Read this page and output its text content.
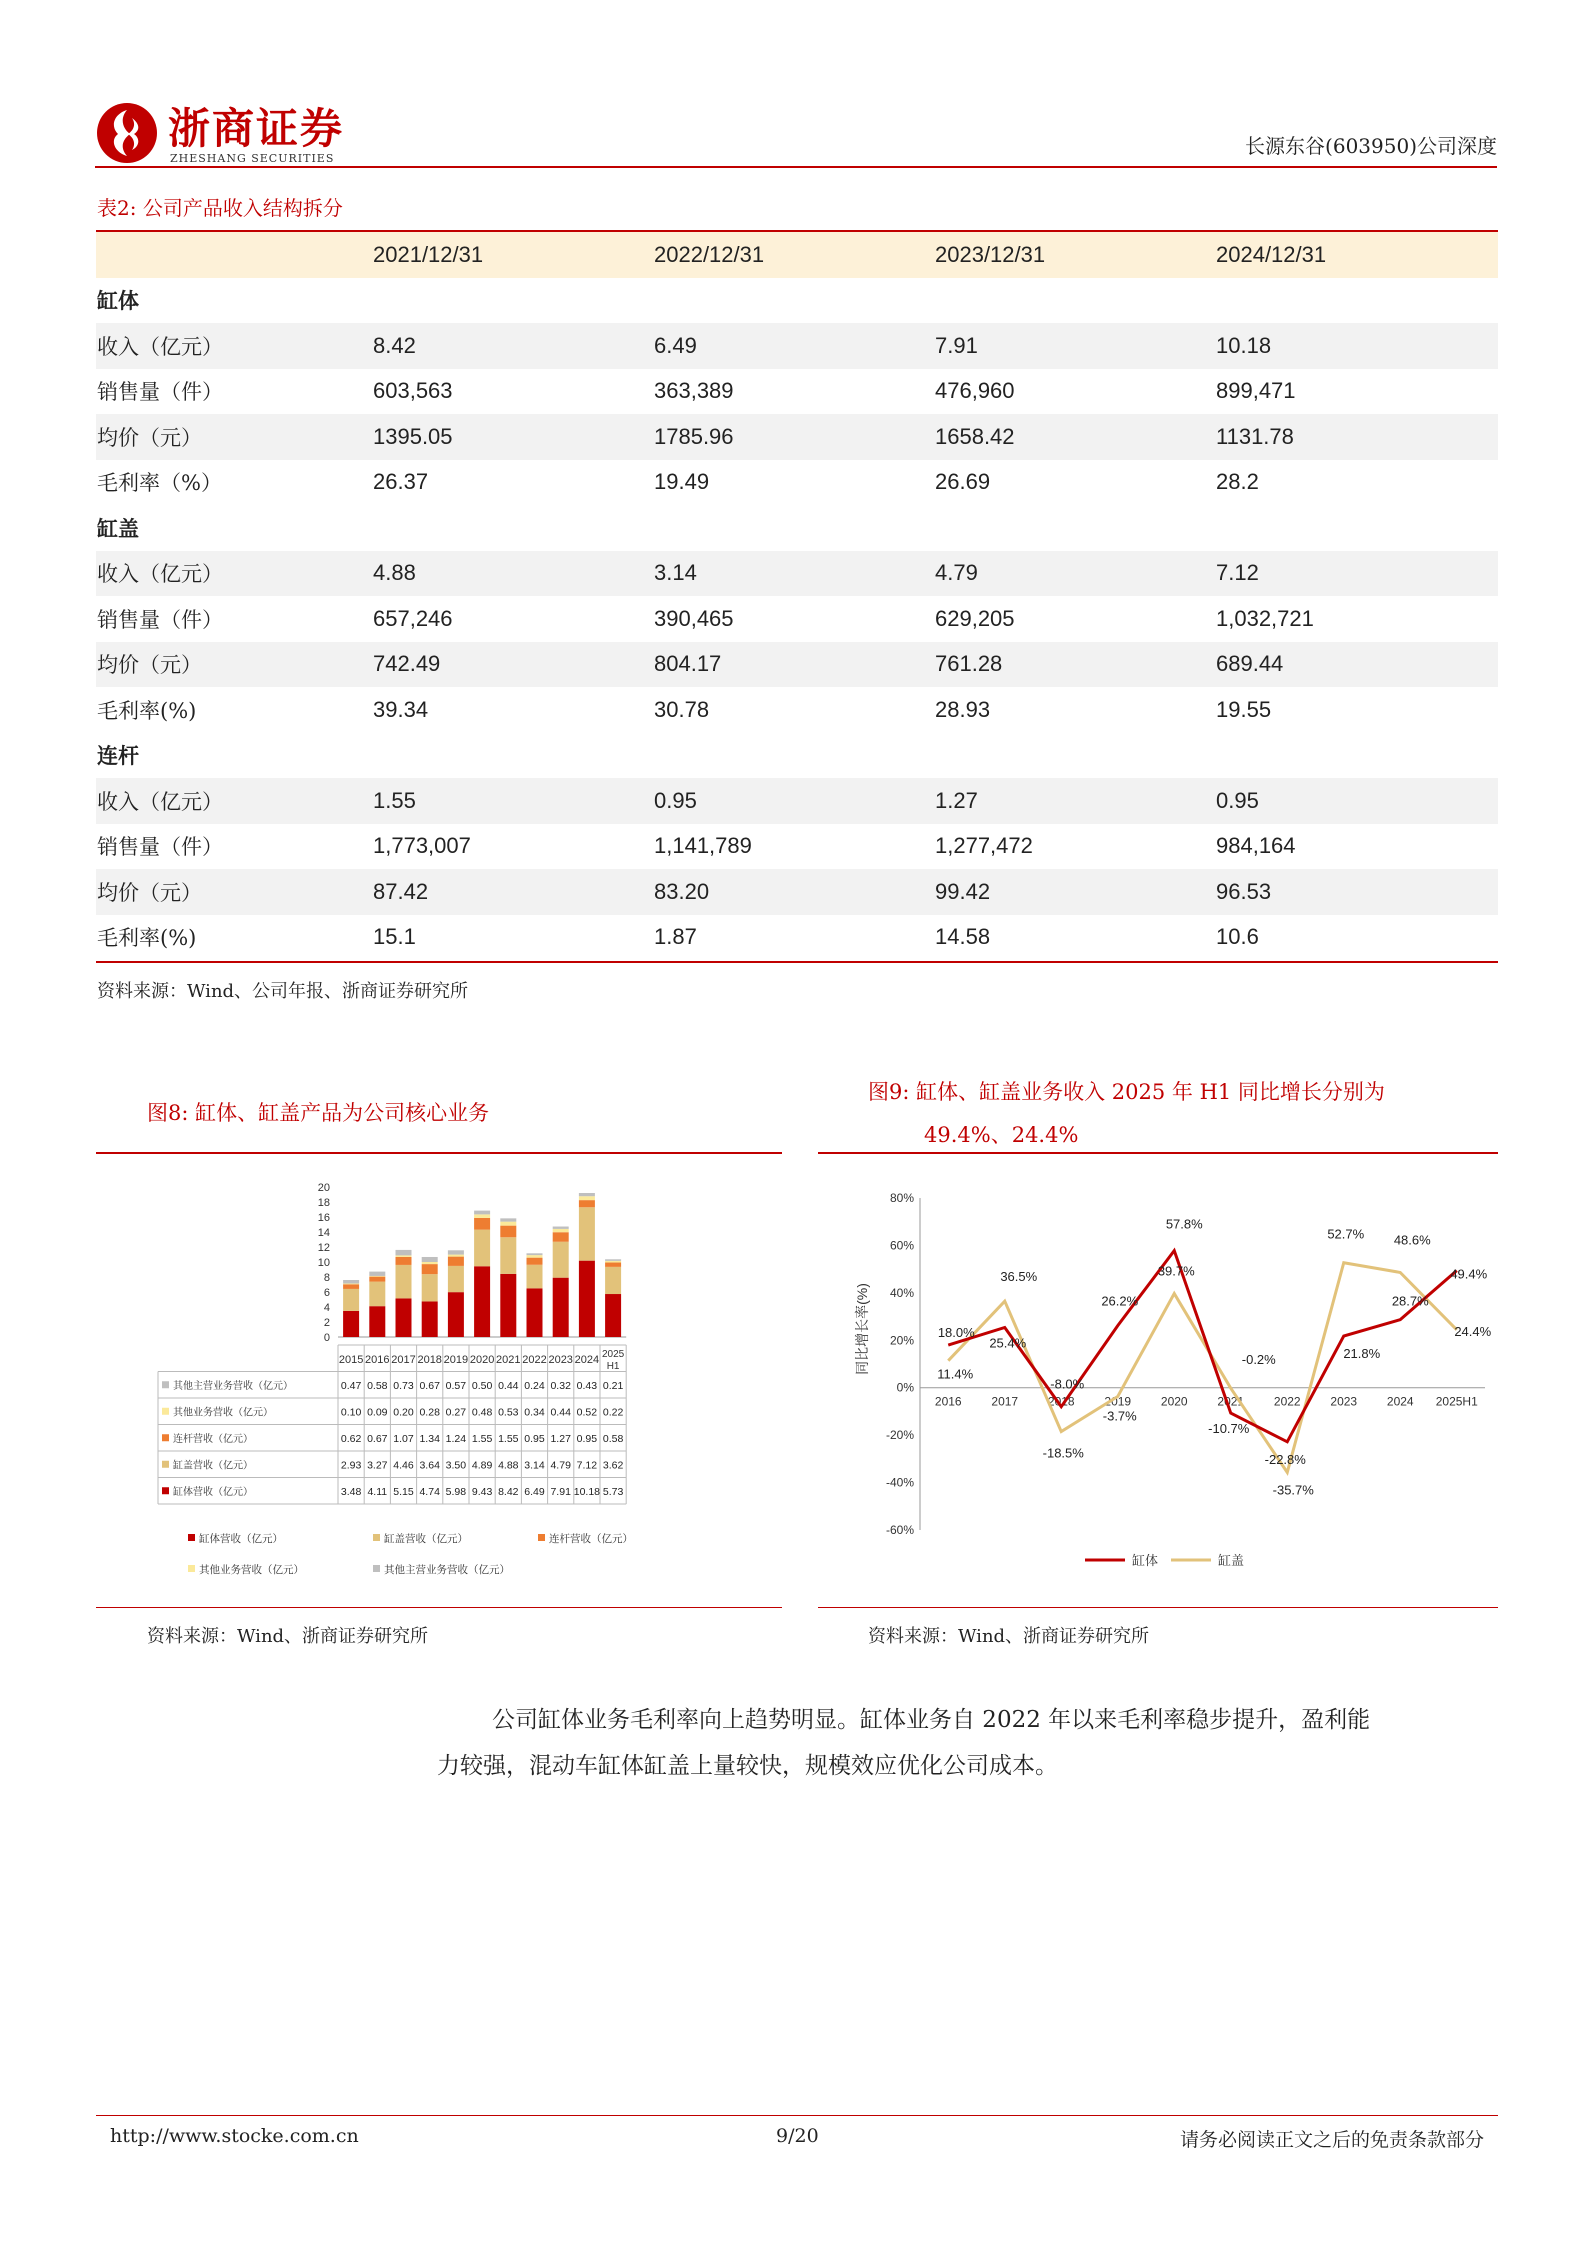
浙商证券
ZHESHANG SECURITIES
长源东谷(603950)公司深度
表2: 公司产品收入结构拆分
	2021/12/31	2022/12/31	2023/12/31	2024/12/31
缸体				
收入（亿元）	8.42	6.49	7.91	10.18
销售量（件）	603,563	363,389	476,960	899,471
均价（元）	1395.05	1785.96	1658.42	1131.78
毛利率（%）	26.37	19.49	26.69	28.2
缸盖				
收入（亿元）	4.88	3.14	4.79	7.12
销售量（件）	657,246	390,465	629,205	1,032,721
均价（元）	742.49	804.17	761.28	689.44
毛利率(%)	39.34	30.78	28.93	19.55
连杆				
收入（亿元）	1.55	0.95	1.27	0.95
销售量（件）	1,773,007	1,141,789	1,277,472	984,164
均价（元）	87.42	83.20	99.42	96.53
毛利率(%)	15.1	1.87	14.58	10.6
资料来源：Wind、公司年报、浙商证券研究所
图8: 缸体、缸盖产品为公司核心业务
0
2
4
6
8
10
12
14
16
18
20
2015 2016 2017 2018 2019 2020 2021 2022 2023 2024 2025
H1
其他主营业务营收（亿元）	0.47 0.58 0.73 0.67 0.57 0.50 0.44 0.24 0.32 0.43 0.21
其他业务营收（亿元）	0.10 0.09 0.20 0.28 0.27 0.48 0.53 0.34 0.44 0.52 0.22
连杆营收（亿元）	0.62 0.67 1.07 1.34 1.24 1.55 1.55 0.95 1.27 0.95 0.58
缸盖营收（亿元）	2.93 3.27 4.46 3.64 3.50 4.89 4.88 3.14 4.79 7.12 3.62
缸体营收（亿元）	3.48 4.11 5.15 4.74 5.98 9.43 8.42 6.49 7.91 10.18 5.73
缸体营收（亿元）	缸盖营收（亿元）	连杆营收（亿元）
其他业务营收（亿元）	其他主营业务营收（亿元）
资料来源：Wind、浙商证券研究所
图9: 缸体、缸盖业务收入 2025 年 H1 同比增长分别为
49.4%、24.4%
-60%
-40%
-20%
0%
20%
40%
60%
80%
同比增长率(%)
2016 2017 2018 2019 2020 2021 2022 2023 2024 2025H1
18.0%
25.4%
-8.0%
26.2%
57.8%
-10.7%
-22.8%
21.8%
28.7%
49.4%
11.4%
36.5%
-18.5%
-3.7%
39.7%
-0.2%
-35.7%
52.7% 48.6%
24.4%
缸体	缸盖
资料来源：Wind、浙商证券研究所
公司缸体业务毛利率向上趋势明显。缸体业务自 2022 年以来毛利率稳步提升，盈利能
力较强，混动车缸体缸盖上量较快，规模效应优化公司成本。
http://www.stocke.com.cn	9/20	请务必阅读正文之后的免责条款部分
